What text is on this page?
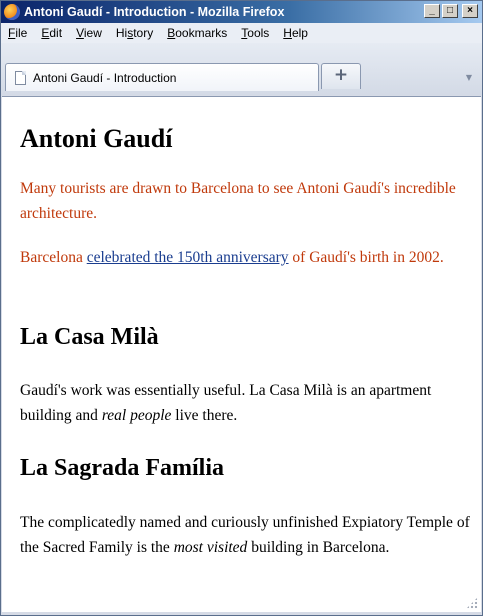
Antoni Gaudí - Introduction - Mozilla Firefox	_	□	×
File	Edit	View	History	Bookmarks	Tools	Help
Antoni Gaudí - Introduction	+	▼
Antoni Gaudí

Many tourists are drawn to Barcelona to see Antoni Gaudí's incredible architecture.

Barcelona celebrated the 150th anniversary of Gaudí's birth in 2002.

La Casa Milà

Gaudí's work was essentially useful. La Casa Milà is an apartment building and real people live there.

La Sagrada Família

The complicatedly named and curiously unfinished Expiatory Temple of the Sacred Family is the most visited building in Barcelona.
